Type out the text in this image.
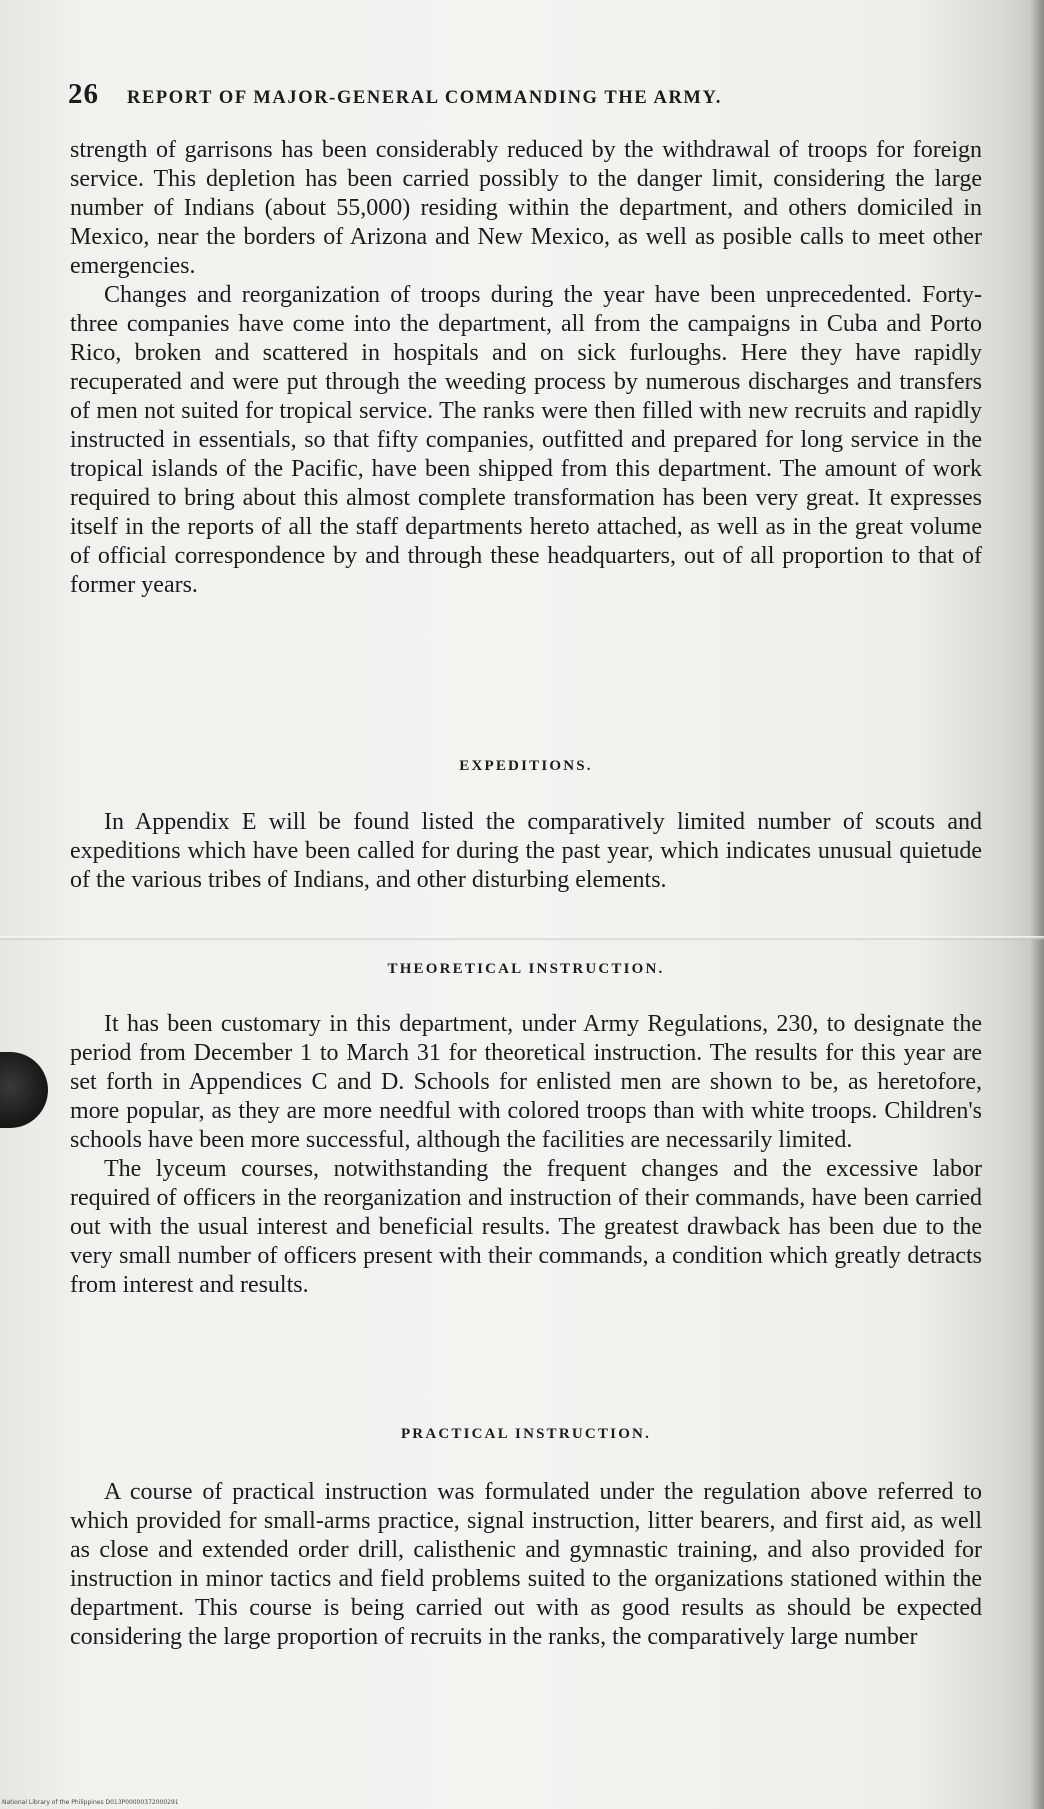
26 REPORT OF MAJOR-GENERAL COMMANDING THE ARMY.

strength of garrisons has been considerably reduced by the withdrawal of troops for foreign service. This depletion has been carried possibly to the danger limit, considering the large number of Indians (about 55,000) residing within the department, and others domiciled in Mexico, near the borders of Arizona and New Mexico, as well as posible calls to meet other emergencies.

Changes and reorganization of troops during the year have been unprecedented. Forty-three companies have come into the department, all from the campaigns in Cuba and Porto Rico, broken and scattered in hospitals and on sick furloughs. Here they have rapidly recuperated and were put through the weeding process by numerous discharges and transfers of men not suited for tropical service. The ranks were then filled with new recruits and rapidly instructed in essentials, so that fifty companies, outfitted and prepared for long service in the tropical islands of the Pacific, have been shipped from this department. The amount of work required to bring about this almost complete transformation has been very great. It expresses itself in the reports of all the staff departments hereto attached, as well as in the great volume of official correspondence by and through these headquarters, out of all proportion to that of former years.

EXPEDITIONS.

In Appendix E will be found listed the comparatively limited number of scouts and expeditions which have been called for during the past year, which indicates unusual quietude of the various tribes of Indians, and other disturbing elements.

THEORETICAL INSTRUCTION.

It has been customary in this department, under Army Regulations, 230, to designate the period from December 1 to March 31 for theoretical instruction. The results for this year are set forth in Appendices C and D. Schools for enlisted men are shown to be, as heretofore, more popular, as they are more needful with colored troops than with white troops. Children's schools have been more successful, although the facilities are necessarily limited.

The lyceum courses, notwithstanding the frequent changes and the excessive labor required of officers in the reorganization and instruction of their commands, have been carried out with the usual interest and beneficial results. The greatest drawback has been due to the very small number of officers present with their commands, a condition which greatly detracts from interest and results.

PRACTICAL INSTRUCTION.

A course of practical instruction was formulated under the regulation above referred to which provided for small-arms practice, signal instruction, litter bearers, and first aid, as well as close and extended order drill, calisthenic and gymnastic training, and also provided for instruction in minor tactics and field problems suited to the organizations stationed within the department. This course is being carried out with as good results as should be expected considering the large proportion of recruits in the ranks, the comparatively large number

National Library of the Philippines D013P00000372000291
